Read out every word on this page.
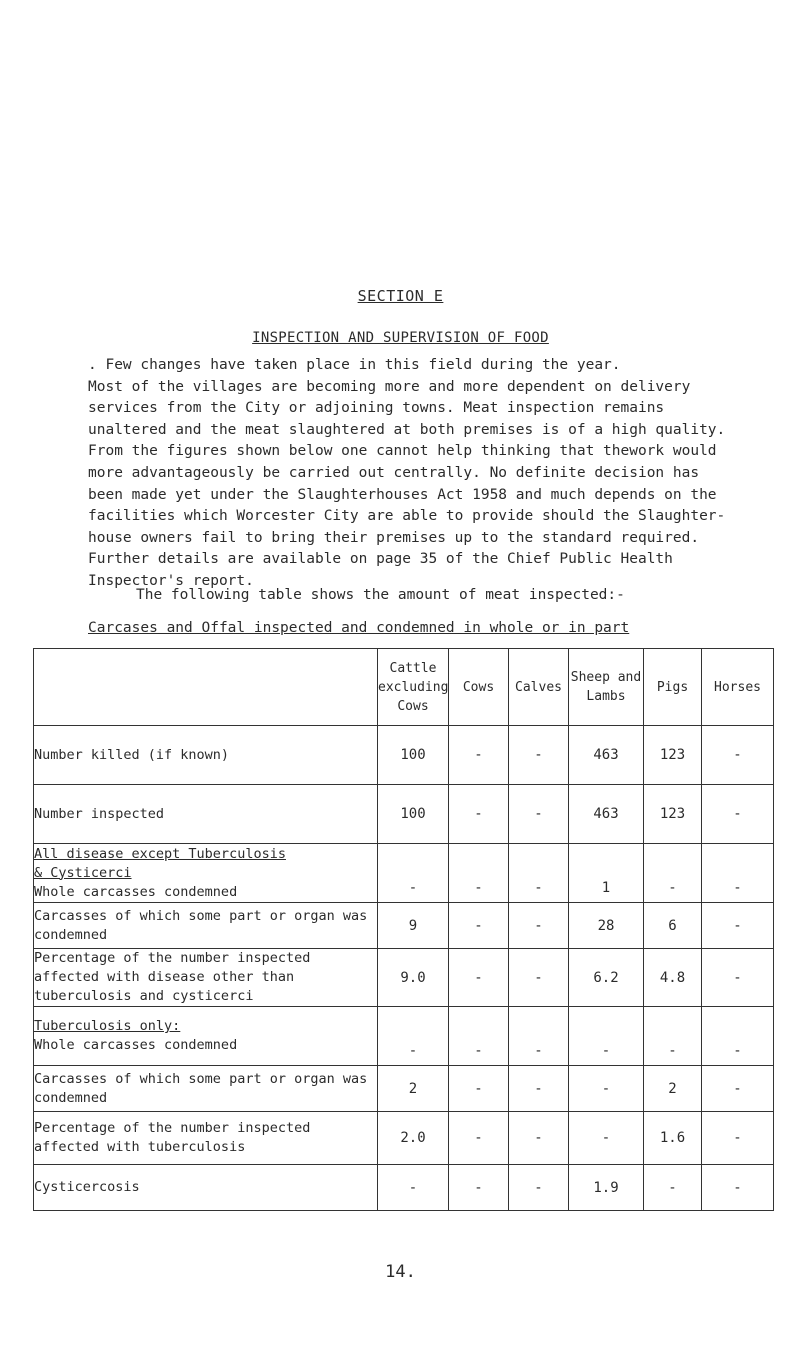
SECTION E
INSPECTION AND SUPERVISION OF FOOD

. Few changes have taken place in this field during the year.
Most of the villages are becoming more and more dependent on delivery
services from the City or adjoining towns. Meat inspection remains
unaltered and the meat slaughtered at both premises is of a high quality.
From the figures shown below one cannot help thinking that thework would
more advantageously be carried out centrally. No definite decision has
been made yet under the Slaughterhouses Act 1958 and much depends on the
facilities which Worcester City are able to provide should the Slaughter-
house owners fail to bring their premises up to the standard required.
Further details are available on page 35 of the Chief Public Health
Inspector's report.

The following table shows the amount of meat inspected:-

Carcases and Offal inspected and condemned in whole or in part

	Cattle excluding Cows	Cows	Calves	Sheep and Lambs	Pigs	Horses
Number killed (if known)	100	-	-	463	123	-
Number inspected	100	-	-	463	123	-
All disease except Tuberculosis
& Cysticerci
Whole carcasses condemned	-	-	-	1	-	-
Carcasses of which some part or organ was condemned	9	-	-	28	6	-
Percentage of the number inspected affected with disease other than tuberculosis and cysticerci	9.0	-	-	6.2	4.8	-
Tuberculosis only:
Whole carcasses condemned	-	-	-	-	-	-
Carcasses of which some part or organ was condemned	2	-	-	-	2	-
Percentage of the number inspected affected with tuberculosis	2.0	-	-	-	1.6	-
Cysticercosis	-	-	-	1.9	-	-
14.
